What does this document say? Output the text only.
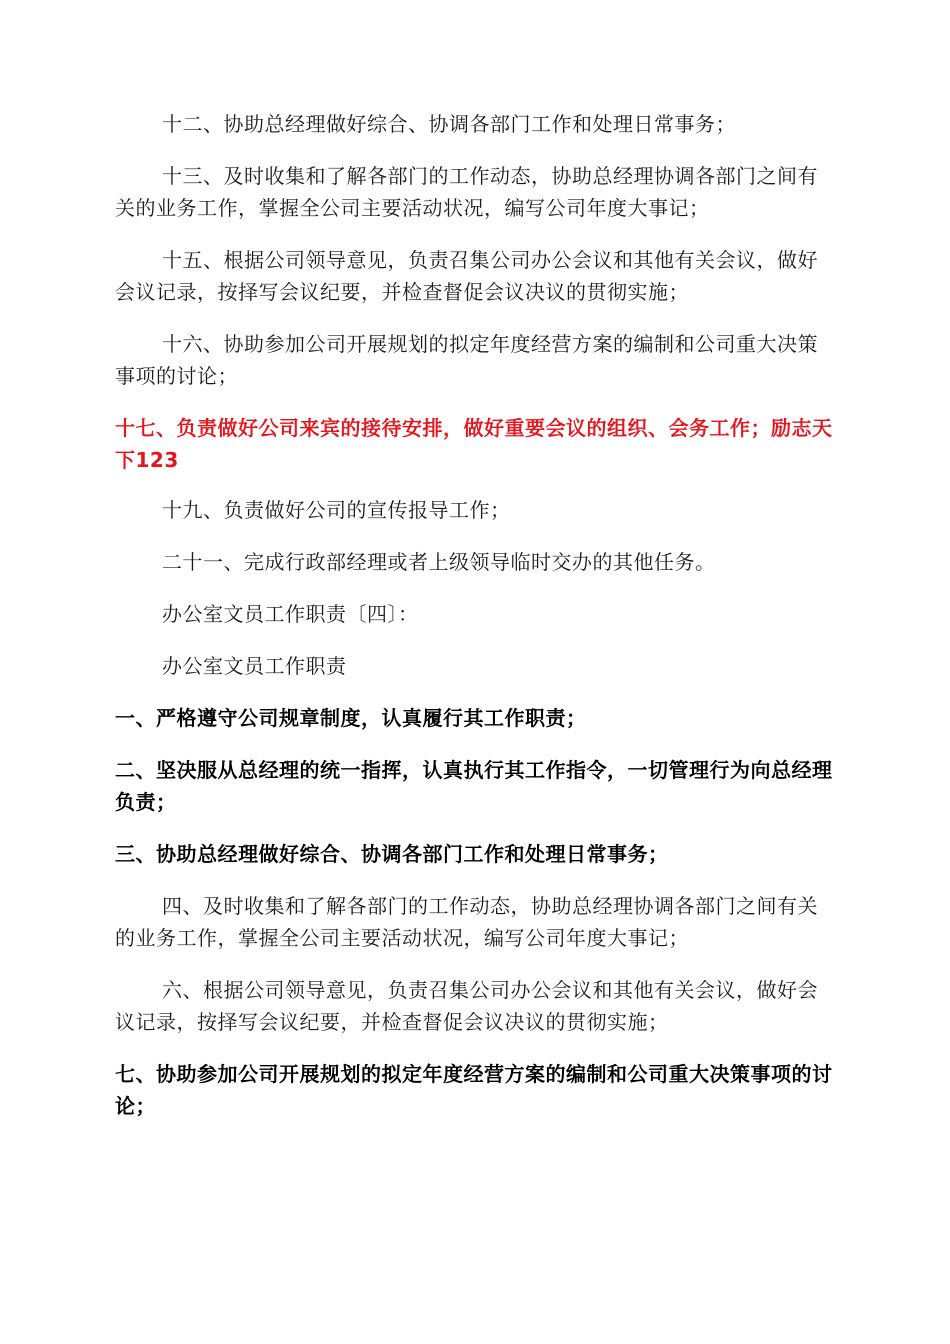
十二、协助总经理做好综合、协调各部门工作和处理日常事务；

十三、及时收集和了解各部门的工作动态，协助总经理协调各部门之间有关的业务工作，掌握全公司主要活动状况，编写公司年度大事记；

十五、根据公司领导意见，负责召集公司办公会议和其他有关会议，做好会议记录，按择写会议纪要，并检查督促会议决议的贯彻实施；

十六、协助参加公司开展规划的拟定年度经营方案的编制和公司重大决策事项的讨论；

十七、负责做好公司来宾的接待安排，做好重要会议的组织、会务工作；励志天下123

十九、负责做好公司的宣传报导工作；

二十一、完成行政部经理或者上级领导临时交办的其他任务。

办公室文员工作职责〔四〕：

办公室文员工作职责

一、严格遵守公司规章制度，认真履行其工作职责；

二、坚决服从总经理的统一指挥，认真执行其工作指令，一切管理行为向总经理负责；

三、协助总经理做好综合、协调各部门工作和处理日常事务；

四、及时收集和了解各部门的工作动态，协助总经理协调各部门之间有关的业务工作，掌握全公司主要活动状况，编写公司年度大事记；

六、根据公司领导意见，负责召集公司办公会议和其他有关会议，做好会议记录，按择写会议纪要，并检查督促会议决议的贯彻实施；

七、协助参加公司开展规划的拟定年度经营方案的编制和公司重大决策事项的讨论；
